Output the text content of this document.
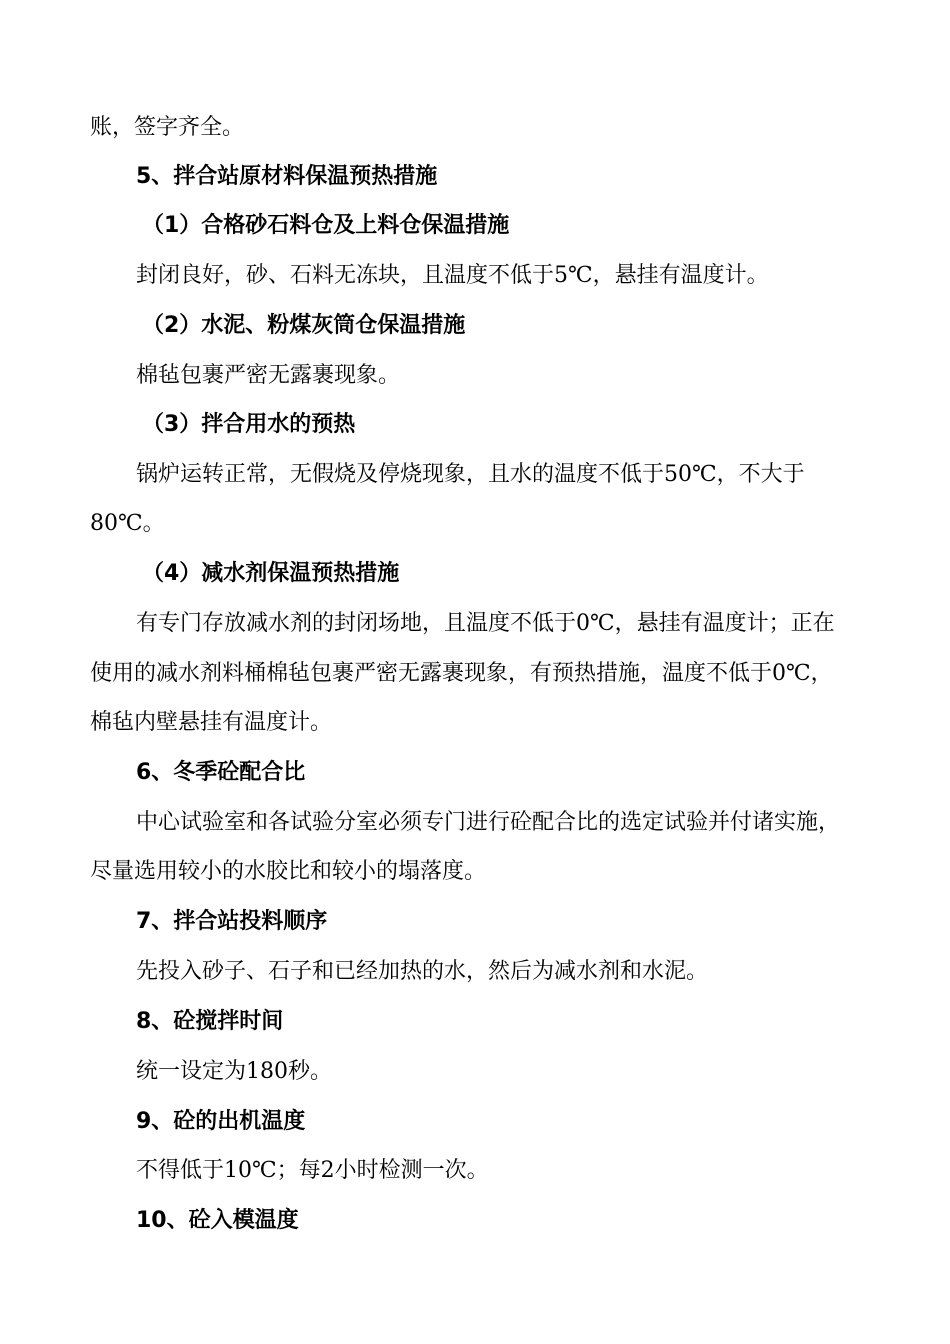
账，签字齐全。
5、拌合站原材料保温预热措施
（1）合格砂石料仓及上料仓保温措施
封闭良好，砂、石料无冻块，且温度不低于5℃，悬挂有温度计。
（2）水泥、粉煤灰筒仓保温措施
棉毡包裹严密无露裹现象。
（3）拌合用水的预热
锅炉运转正常，无假烧及停烧现象，且水的温度不低于50℃，不大于
80℃。
（4）减水剂保温预热措施
有专门存放减水剂的封闭场地，且温度不低于0℃，悬挂有温度计；正在
使用的减水剂料桶棉毡包裹严密无露裹现象，有预热措施，温度不低于0℃，
棉毡内壁悬挂有温度计。
6、冬季砼配合比
中心试验室和各试验分室必须专门进行砼配合比的选定试验并付诸实施，
尽量选用较小的水胶比和较小的塌落度。
7、拌合站投料顺序
先投入砂子、石子和已经加热的水，然后为减水剂和水泥。
8、砼搅拌时间
统一设定为180秒。
9、砼的出机温度
不得低于10℃；每2小时检测一次。
10、砼入模温度
